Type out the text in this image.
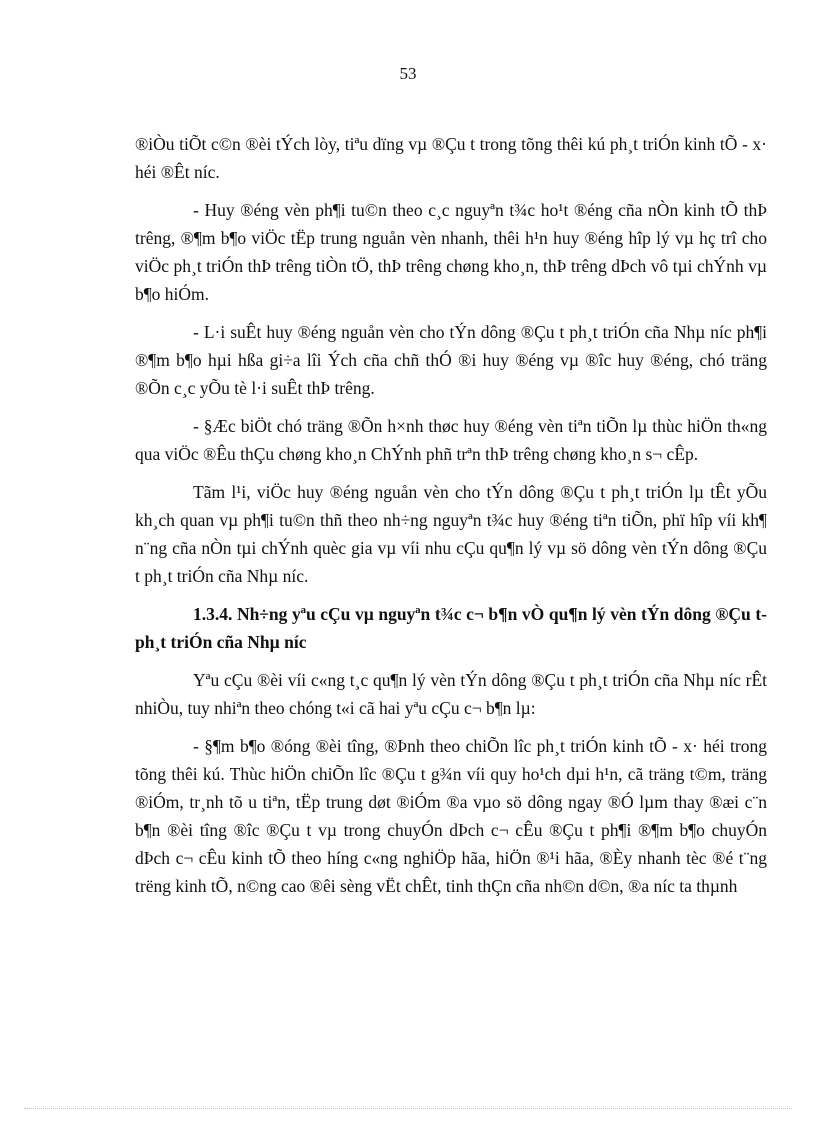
53

®iÒu tiÕt c©n ®èi tÝch lòy, tiªu dïng vµ ®Çu t trong tõng thêi kú ph¸t triÓn kinh tÕ - x· héi ®Êt níc.

- Huy ®éng vèn ph¶i tu©n theo c¸c nguyªn t¾c ho¹t ®éng cña nÒn kinh tÕ thÞ trêng, ®¶m b¶o viÖc tËp trung nguån vèn nhanh, thêi h¹n huy ®éng hîp lý vµ hç trî cho viÖc ph¸t triÓn thÞ trêng tiÒn tÖ, thÞ trêng chøng kho¸n, thÞ trêng dÞch vô tµi chÝnh vµ b¶o hiÓm.

- L·i suÊt huy ®éng nguån vèn cho tÝn dông ®Çu t ph¸t triÓn cña Nhµ níc ph¶i ®¶m b¶o hµi hßa gi÷a lîi Ých cña chñ thÓ ®i huy ®éng vµ ®îc huy ®éng, chó träng ®Õn c¸c yÕu tè l·i suÊt thÞ trêng.

- §Æc biÖt chó träng ®Õn h×nh thøc huy ®éng vèn tiªn tiÕn lµ thùc hiÖn th«ng qua viÖc ®Êu thÇu chøng kho¸n ChÝnh phñ trªn thÞ trêng chøng kho¸n s¬ cÊp.

Tãm l¹i, viÖc huy ®éng nguån vèn cho tÝn dông ®Çu t ph¸t triÓn lµ tÊt yÕu kh¸ch quan vµ ph¶i tu©n thñ theo nh÷ng nguyªn t¾c huy ®éng tiªn tiÕn, phï hîp víi kh¶ n¨ng cña nÒn tµi chÝnh quèc gia vµ víi nhu cÇu qu¶n lý vµ sö dông vèn tÝn dông ®Çu t ph¸t triÓn cña Nhµ níc.

1.3.4. Nh÷ng yªu cÇu vµ nguyªn t¾c c¬ b¶n vÒ qu¶n lý vèn tÝn dông ®Çu t ph¸t triÓn cña Nhµ níc

Yªu cÇu ®èi víi c«ng t¸c qu¶n lý vèn tÝn dông ®Çu t ph¸t triÓn cña Nhµ níc rÊt nhiÒu, tuy nhiªn theo chóng t«i cã hai yªu cÇu c¬ b¶n lµ:

- §¶m b¶o ®óng ®èi tîng, ®Þnh theo chiÕn lîc ph¸t triÓn kinh tÕ - x· héi trong tõng thêi kú. Thùc hiÖn chiÕn lîc ®Çu t g¾n víi quy ho¹ch dµi h¹n, cã träng t©m, träng ®iÓm, tr¸nh tõ u tiªn, tËp trung døt ®iÓm ®a vµo sö dông ngay ®Ó lµm thay ®æi c¨n b¶n ®èi tîng ®îc ®Çu t vµ trong chuyÓn dÞch c¬ cÊu ®Çu t ph¶i ®¶m b¶o chuyÓn dÞch c¬ cÊu kinh tÕ theo híng c«ng nghiÖp hãa, hiÖn ®¹i hãa, ®Èy nhanh tèc ®é t¨ng trëng kinh tÕ, n©ng cao ®êi sèng vËt chÊt, tinh thÇn cña nh©n d©n, ®a níc ta thµnh
